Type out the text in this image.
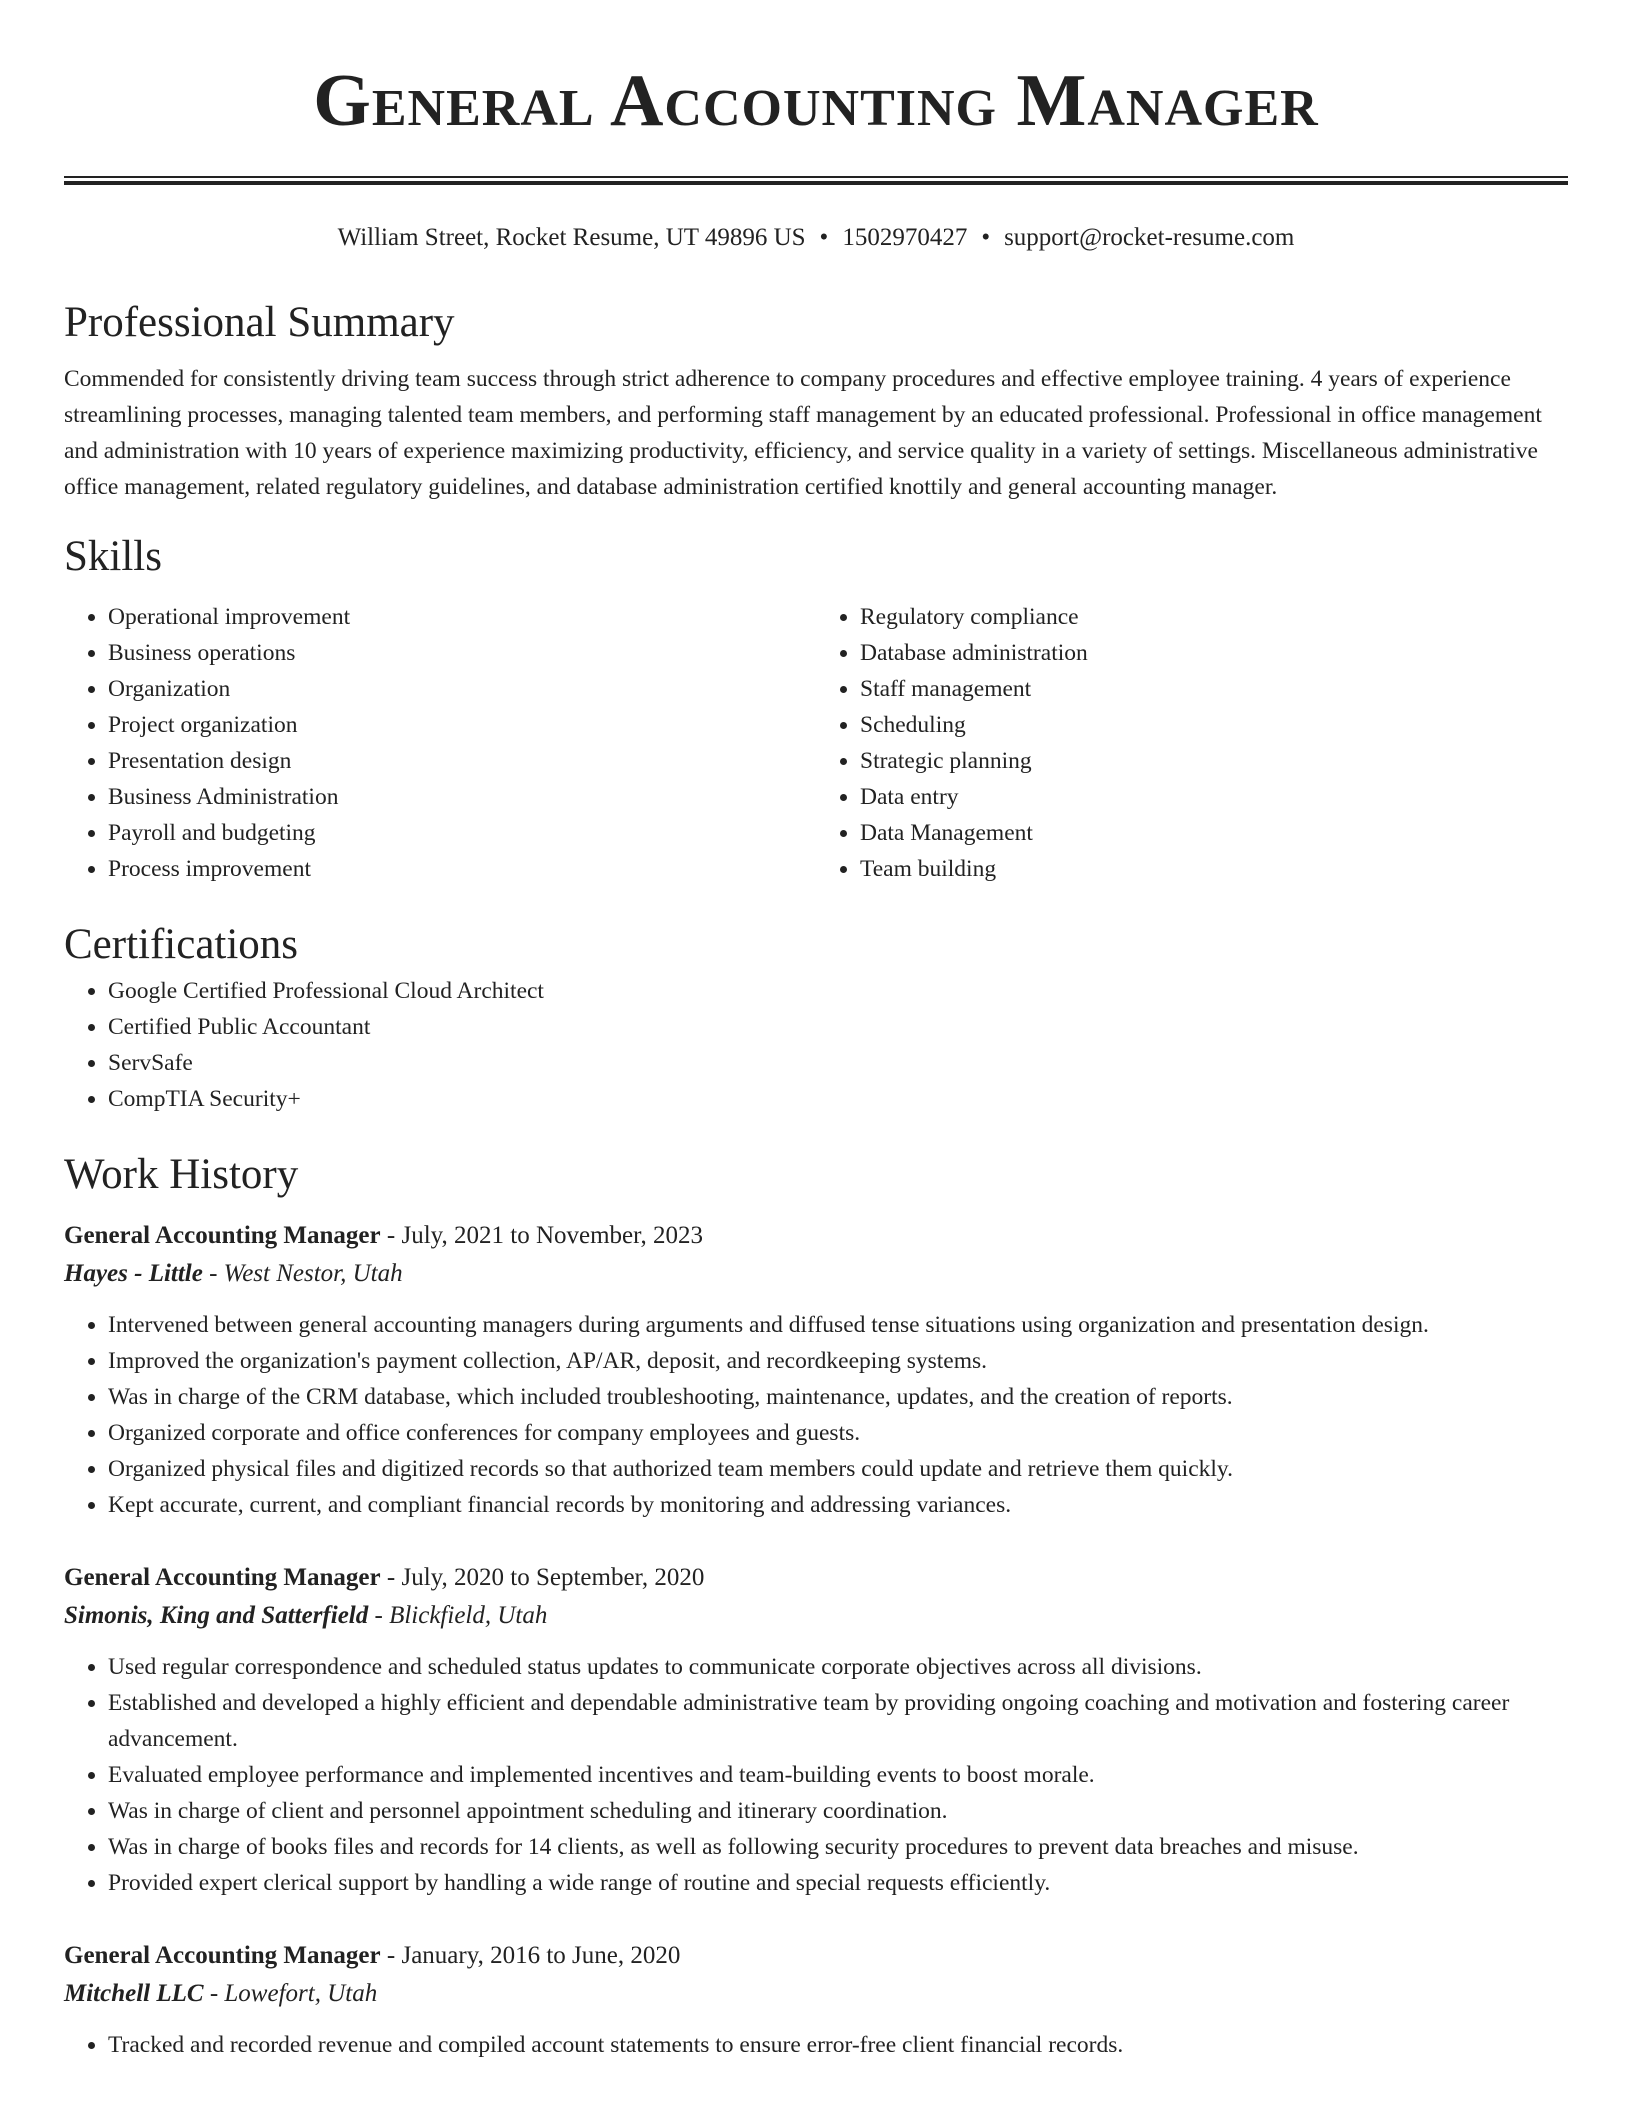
General Accounting Manager
William Street, Rocket Resume, UT 49896 US • 1502970427 • support@rocket-resume.com
Professional Summary

Commended for consistently driving team success through strict adherence to company procedures and effective employee training. 4 years of experience streamlining processes, managing talented team members, and performing staff management by an educated professional. Professional in office management and administration with 10 years of experience maximizing productivity, efficiency, and service quality in a variety of settings. Miscellaneous administrative office management, related regulatory guidelines, and database administration certified knottily and general accounting manager.

Skills
• Operational improvement
• Business operations
• Organization
• Project organization
• Presentation design
• Business Administration
• Payroll and budgeting
• Process improvement
• Regulatory compliance
• Database administration
• Staff management
• Scheduling
• Strategic planning
• Data entry
• Data Management
• Team building
Certifications
• Google Certified Professional Cloud Architect
• Certified Public Accountant
• ServSafe
• CompTIA Security+
Work History
General Accounting Manager - July, 2021 to November, 2023
Hayes - Little - West Nestor, Utah
• Intervened between general accounting managers during arguments and diffused tense situations using organization and presentation design.
• Improved the organization's payment collection, AP/AR, deposit, and recordkeeping systems.
• Was in charge of the CRM database, which included troubleshooting, maintenance, updates, and the creation of reports.
• Organized corporate and office conferences for company employees and guests.
• Organized physical files and digitized records so that authorized team members could update and retrieve them quickly.
• Kept accurate, current, and compliant financial records by monitoring and addressing variances.
General Accounting Manager - July, 2020 to September, 2020
Simonis, King and Satterfield - Blickfield, Utah
• Used regular correspondence and scheduled status updates to communicate corporate objectives across all divisions.
• Established and developed a highly efficient and dependable administrative team by providing ongoing coaching and motivation and fostering career advancement.
• Evaluated employee performance and implemented incentives and team-building events to boost morale.
• Was in charge of client and personnel appointment scheduling and itinerary coordination.
• Was in charge of books files and records for 14 clients, as well as following security procedures to prevent data breaches and misuse.
• Provided expert clerical support by handling a wide range of routine and special requests efficiently.
General Accounting Manager - January, 2016 to June, 2020
Mitchell LLC - Lowefort, Utah
• Tracked and recorded revenue and compiled account statements to ensure error-free client financial records.
